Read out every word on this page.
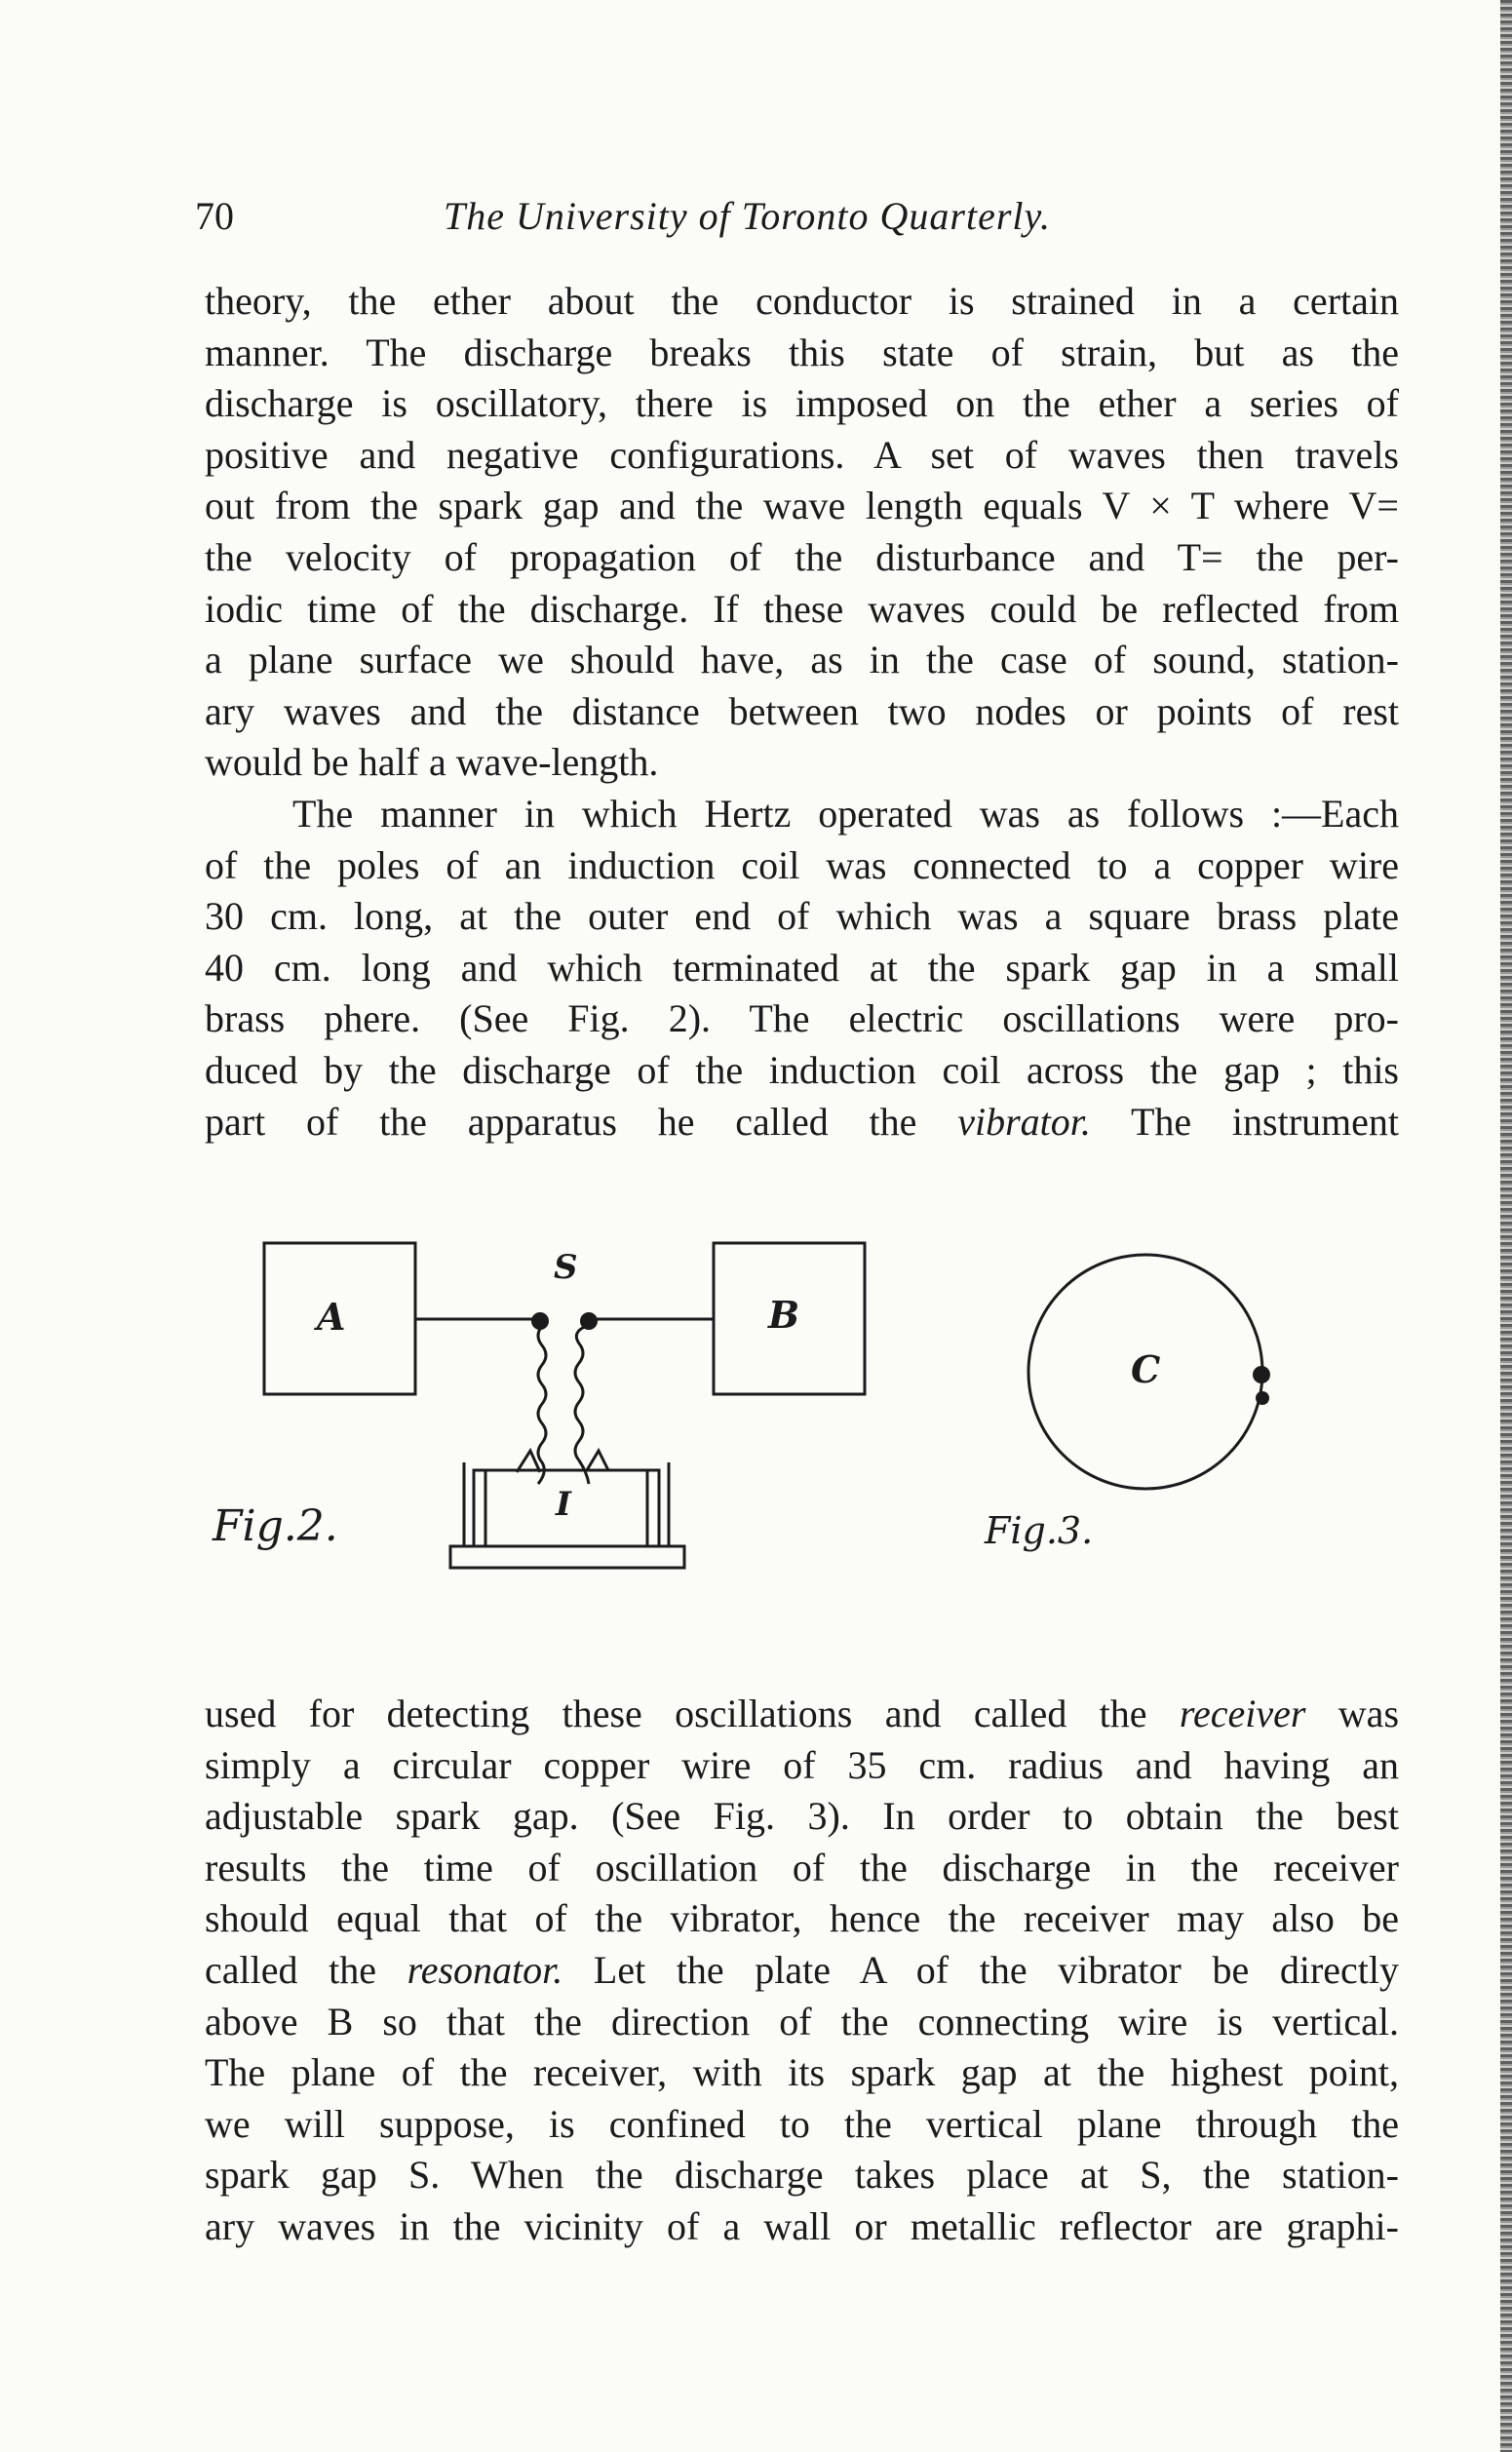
70	The University of Toronto Quarterly.

theory, the ether about the conductor is strained in a certain

manner. The discharge breaks this state of strain, but as the

discharge is oscillatory, there is imposed on the ether a series of

positive and negative configurations. A set of waves then travels

out from the spark gap and the wave length equals V × T where V=

the velocity of propagation of the disturbance and T= the per-

iodic time of the discharge. If these waves could be reflected from

a plane surface we should have, as in the case of sound, station-

ary waves and the distance between two nodes or points of rest

would be half a wave-length.

The manner in which Hertz operated was as follows :—Each

of the poles of an induction coil was connected to a copper wire

30 cm. long, at the outer end of which was a square brass plate

40 cm. long and which terminated at the spark gap in a small

brass phere. (See Fig. 2). The electric oscillations were pro-

duced by the discharge of the induction coil across the gap ; this

part of the apparatus he called the vibrator. The instrument

A	B
S
I
C
Fig.2.	Fig.3.

used for detecting these oscillations and called the receiver was

simply a circular copper wire of 35 cm. radius and having an

adjustable spark gap. (See Fig. 3). In order to obtain the best

results the time of oscillation of the discharge in the receiver

should equal that of the vibrator, hence the receiver may also be

called the resonator. Let the plate A of the vibrator be directly

above B so that the direction of the connecting wire is vertical.

The plane of the receiver, with its spark gap at the highest point,

we will suppose, is confined to the vertical plane through the

spark gap S. When the discharge takes place at S, the station-

ary waves in the vicinity of a wall or metallic reflector are graphi-
